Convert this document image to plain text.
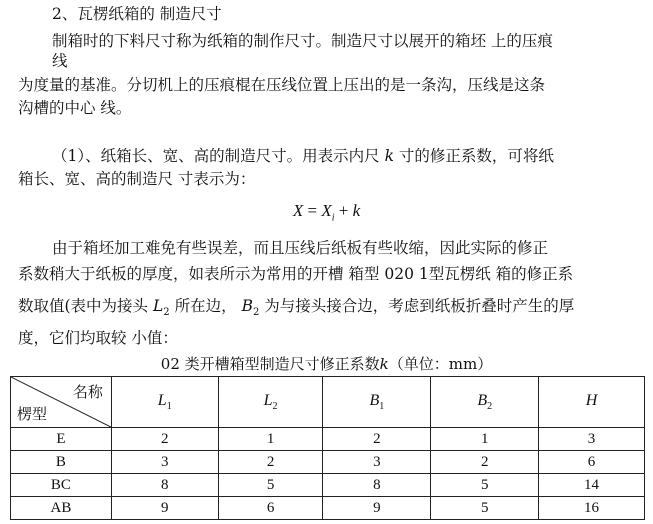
2、瓦楞纸箱的 制造尺寸
制箱时的下料尺寸称为纸箱的制作尺寸。制造尺寸以展开的箱坯 上的压痕
线
为度量的基准。分切机上的压痕棍在压线位置上压出的是一条沟，压线是这条
沟槽的中心 线。
（1）、纸箱长、宽、高的制造尺寸。用表示内尺 k 寸的修正系数，可将纸
箱长、宽、高的制造尺 寸表示为：
$X = X_i + k$
由于箱坯加工难免有些误差，而且压线后纸板有些收缩，因此实际的修正
系数稍大于纸板的厚度，如表所示为常用的开槽 箱型 020 1型瓦楞纸 箱的修正系
数取值(表中为接头 $L_2$ 所在边， $B_2$ 为与接头接合边，考虑到纸板折叠时产生的厚
度，它们均取较 小值：
02 类开槽箱型制造尺寸修正系数k（单位：mm）
名称
楞型	$L_1$	$L_2$	$B_1$	$B_2$	H
E	2	1	2	1	3
B	3	2	3	2	6
BC	8	5	8	5	14
AB	9	6	9	5	16
